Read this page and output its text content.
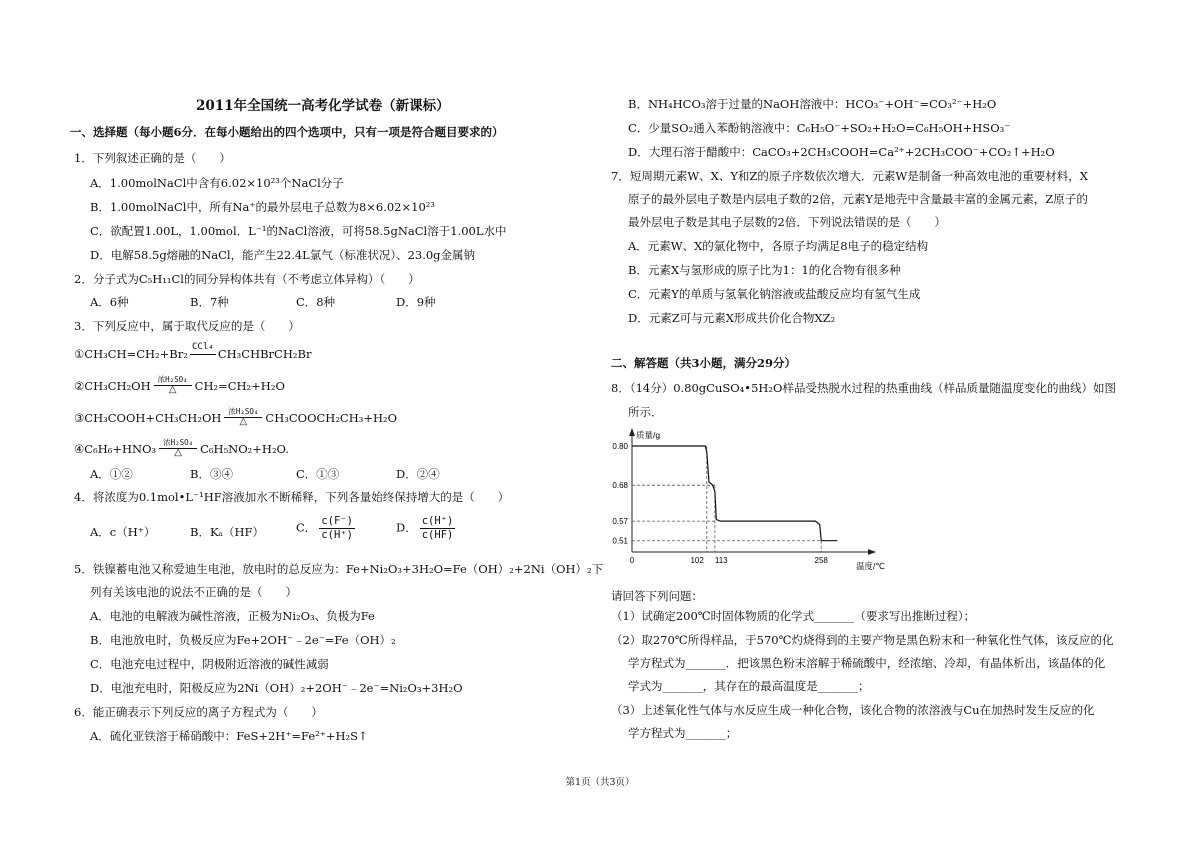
2011年全国统一高考化学试卷（新课标）
一、选择题（每小题6分．在每小题给出的四个选项中，只有一项是符合题目要求的）
1．下列叙述正确的是（　　）
A．1.00molNaCl中含有6.02×10²³个NaCl分子
B．1.00molNaCl中，所有Na⁺的最外层电子总数为8×6.02×10²³
C．欲配置1.00L，1.00mol．L⁻¹的NaCl溶液，可将58.5gNaCl溶于1.00L水中
D．电解58.5g熔融的NaCl，能产生22.4L氯气（标准状况）、23.0g金属钠
2．分子式为C₅H₁₁Cl的同分异构体共有（不考虑立体异构）（　　）
A．6种	B．7种	C．8种	D．9种
3．下列反应中，属于取代反应的是（　　）
①CH₃CH=CH₂+Br₂ CCl₄ CH₃CHBrCH₂Br
②CH₃CH₂OH 浓H₂SO₄
△	CH₂=CH₂+H₂O
③CH₃COOH+CH₃CH₂OH 浓H₂SO₄
△	CH₃COOCH₂CH₃+H₂O
④C₆H₆+HNO₃ 浓H₂SO₄
△	C₆H₅NO₂+H₂O.
A．①②	B．③④	C．①③	D．②④
4．将浓度为0.1mol•L⁻¹HF溶液加水不断稀释，下列各量始终保持增大的是（　　）
A．c（H⁺）	B．Kₐ（HF）	C． $\frac{c(F^-)}{c(H^+)}$	D． $\frac{c(H^+)}{c(HF)}$
5．铁镍蓄电池又称爱迪生电池，放电时的总反应为：Fe+Ni₂O₃+3H₂O=Fe（OH）₂+2Ni（OH）₂下
列有关该电池的说法不正确的是（　　）
A．电池的电解液为碱性溶液，正极为Ni₂O₃、负极为Fe
B．电池放电时，负极反应为Fe+2OH⁻﹣2e⁻=Fe（OH）₂
C．电池充电过程中，阴极附近溶液的碱性减弱
D．电池充电时，阳极反应为2Ni（OH）₂+2OH⁻﹣2e⁻=Ni₂O₃+3H₂O
6．能正确表示下列反应的离子方程式为（　　）
A．硫化亚铁溶于稀硝酸中：FeS+2H⁺=Fe²⁺+H₂S↑
B．NH₄HCO₃溶于过量的NaOH溶液中：HCO₃⁻+OH⁻=CO₃²⁻+H₂O
C．少量SO₂通入苯酚钠溶液中：C₆H₅O⁻+SO₂+H₂O=C₆H₅OH+HSO₃⁻
D．大理石溶于醋酸中：CaCO₃+2CH₃COOH=Ca²⁺+2CH₃COO⁻+CO₂↑+H₂O
7．短周期元素W、X、Y和Z的原子序数依次增大．元素W是制备一种高效电池的重要材料，X
原子的最外层电子数是内层电子数的2倍，元素Y是地壳中含量最丰富的金属元素，Z原子的
最外层电子数是其电子层数的2倍．下列说法错误的是（　　）
A．元素W、X的氯化物中，各原子均满足8电子的稳定结构
B．元素X与氢形成的原子比为1：1的化合物有很多种
C．元素Y的单质与氢氧化钠溶液或盐酸反应均有氢气生成
D．元素Z可与元素X形成共价化合物XZ₂
二、解答题（共3小题，满分29分）
8．（14分）0.80gCuSO₄•5H₂O样品受热脱水过程的热重曲线（样品质量随温度变化的曲线）如图
所示．
请回答下列问题：
（1）试确定200℃时固体物质的化学式_______（要求写出推断过程）；
（2）取270℃所得样品，于570℃灼烧得到的主要产物是黑色粉末和一种氧化性气体，该反应的化
学方程式为_______．把该黑色粉末溶解于稀硫酸中，经浓缩、冷却，有晶体析出，该晶体的化
学式为_______，其存在的最高温度是_______；
（3）上述氧化性气体与水反应生成一种化合物，该化合物的浓溶液与Cu在加热时发生反应的化
学方程式为_______；
质量/g
温度/℃
0.80
0.68
0.57
0.51
0	102 113	258
第1页（共3页）
